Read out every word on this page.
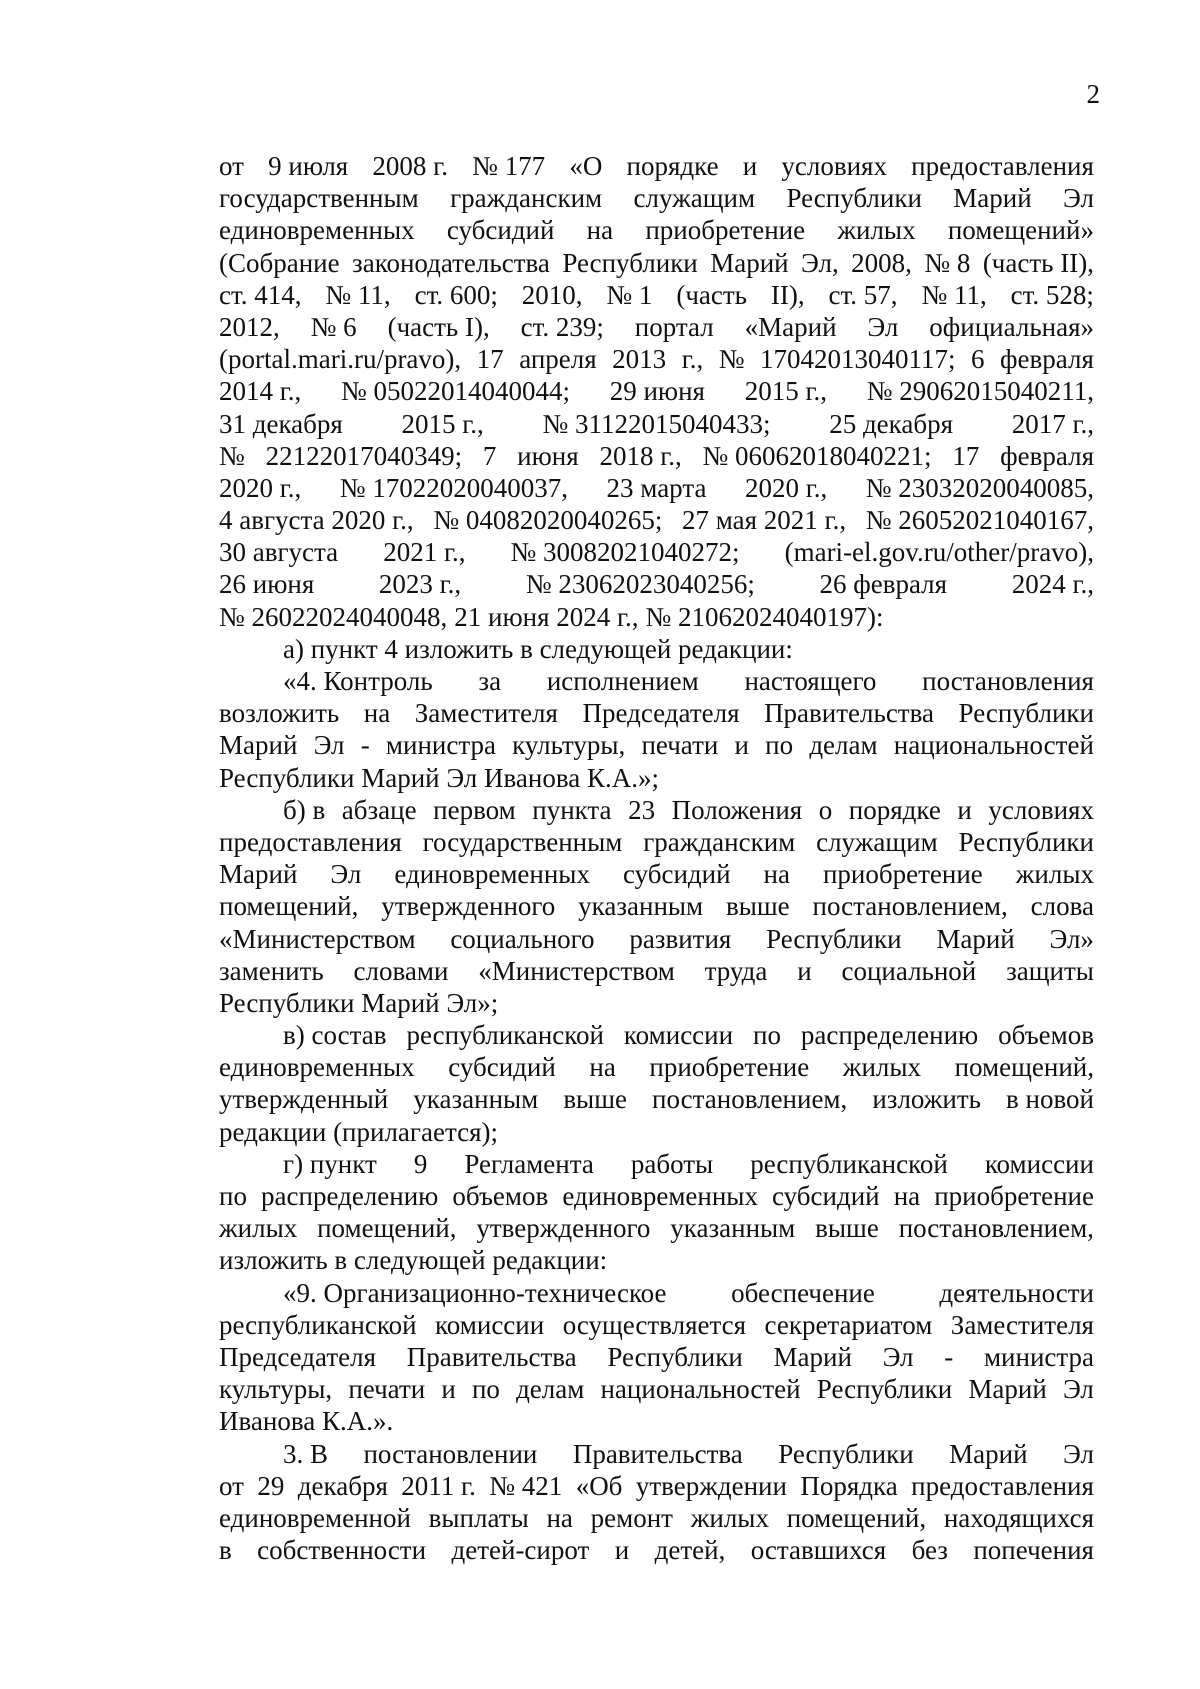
2
от 9 июля 2008 г. № 177 «О порядке и условиях предоставления
государственным гражданским служащим Республики Марий Эл
единовременных субсидий на приобретение жилых помещений»
(Собрание законодательства Республики Марий Эл, 2008, № 8 (часть II),
ст. 414, № 11, ст. 600; 2010, № 1 (часть II), ст. 57, № 11, ст. 528;
2012, № 6 (часть I), ст. 239; портал «Марий Эл официальная»
(portal.mari.ru/pravo), 17 апреля 2013 г., № 17042013040117; 6 февраля
2014 г., № 05022014040044; 29 июня 2015 г., № 29062015040211,
31 декабря 2015 г., № 31122015040433; 25 декабря 2017 г.,
№ 22122017040349; 7 июня 2018 г., № 06062018040221; 17 февраля
2020 г., № 17022020040037, 23 марта 2020 г., № 23032020040085,
4 августа 2020 г., № 04082020040265; 27 мая 2021 г., № 26052021040167,
30 августа 2021 г., № 30082021040272; (mari-el.gov.ru/other/pravo),
26 июня 2023 г., № 23062023040256; 26 февраля 2024 г.,
№ 26022024040048, 21 июня 2024 г., № 21062024040197):
а) пункт 4 изложить в следующей редакции:
«4. Контроль за исполнением настоящего постановления
возложить на Заместителя Председателя Правительства Республики
Марий Эл - министра культуры, печати и по делам национальностей
Республики Марий Эл Иванова К.А.»;
б) в абзаце первом пункта 23 Положения о порядке и условиях
предоставления государственным гражданским служащим Республики
Марий Эл единовременных субсидий на приобретение жилых
помещений, утвержденного указанным выше постановлением, слова
«Министерством социального развития Республики Марий Эл»
заменить словами «Министерством труда и социальной защиты
Республики Марий Эл»;
в) состав республиканской комиссии по распределению объемов
единовременных субсидий на приобретение жилых помещений,
утвержденный указанным выше постановлением, изложить в новой
редакции (прилагается);
г) пункт 9 Регламента работы республиканской комиссии
по распределению объемов единовременных субсидий на приобретение
жилых помещений, утвержденного указанным выше постановлением,
изложить в следующей редакции:
«9. Организационно-техническое обеспечение деятельности
республиканской комиссии осуществляется секретариатом Заместителя
Председателя Правительства Республики Марий Эл - министра
культуры, печати и по делам национальностей Республики Марий Эл
Иванова К.А.».
3. В постановлении Правительства Республики Марий Эл
от 29 декабря 2011 г. № 421 «Об утверждении Порядка предоставления
единовременной выплаты на ремонт жилых помещений, находящихся
в собственности детей-сирот и детей, оставшихся без попечения
